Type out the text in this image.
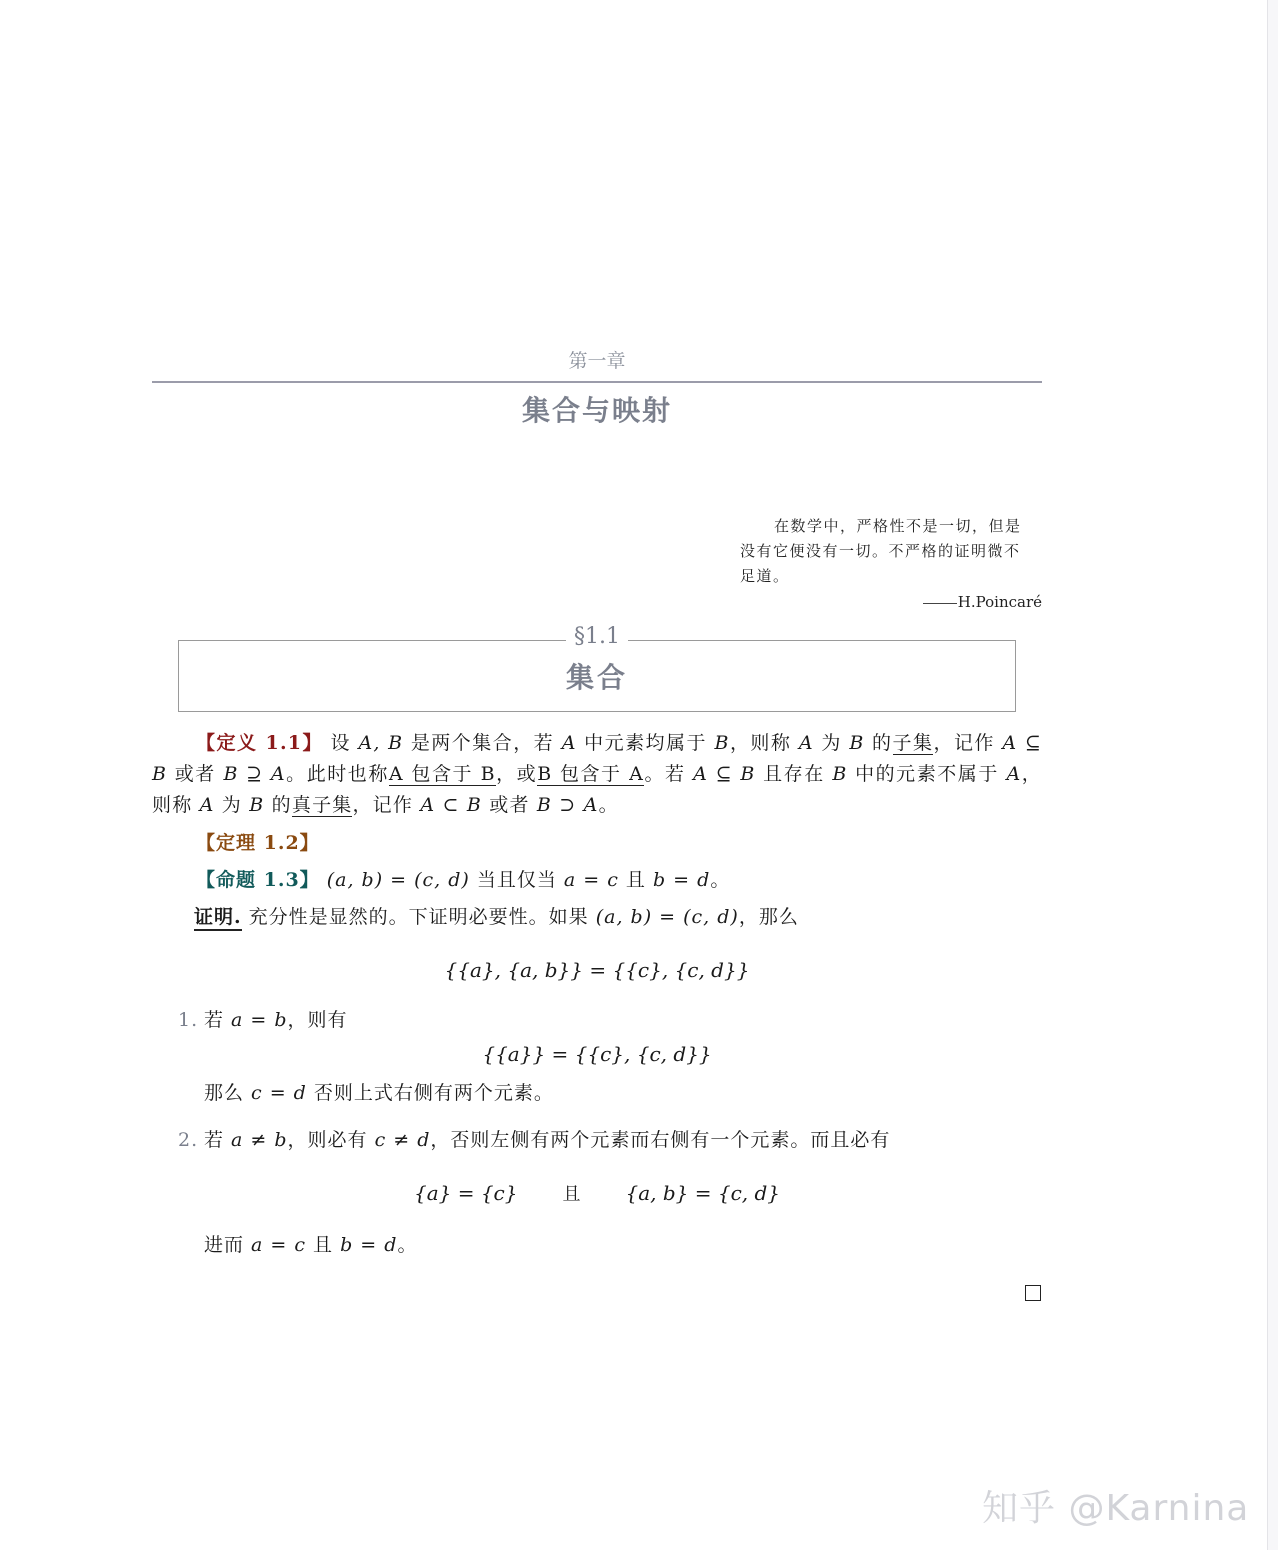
第一章
集合与映射
在数学中，严格性不是一切，但是
没有它便没有一切。不严格的证明微不
足道。
H.Poincaré
§1.1
集合

【定义 1.1】 设 A, B 是两个集合，若 A 中元素均属于 B，则称 A 为 B 的子集，记作 A ⊆ B 或者 B ⊇ A。此时也称A 包含于 B，或B 包含于 A。若 A ⊆ B 且存在 B 中的元素不属于 A，则称 A 为 B 的真子集，记作 A ⊂ B 或者 B ⊃ A。

【定理 1.2】
【命题 1.3】 (a, b) = (c, d) 当且仅当 a = c 且 b = d。
证明. 充分性是显然的。下证明必要性。如果 (a, b) = (c, d)，那么
{{a}, {a, b}} = {{c}, {c, d}}
1. 若 a = b，则有
{{a}} = {{c}, {c, d}}
那么 c = d 否则上式右侧有两个元素。
2. 若 a ≠ b，则必有 c ≠ d，否则左侧有两个元素而右侧有一个元素。而且必有
{a} = {c}	且 {a, b} = {c, d}
进而 a = c 且 b = d。
知乎 @Karnina
